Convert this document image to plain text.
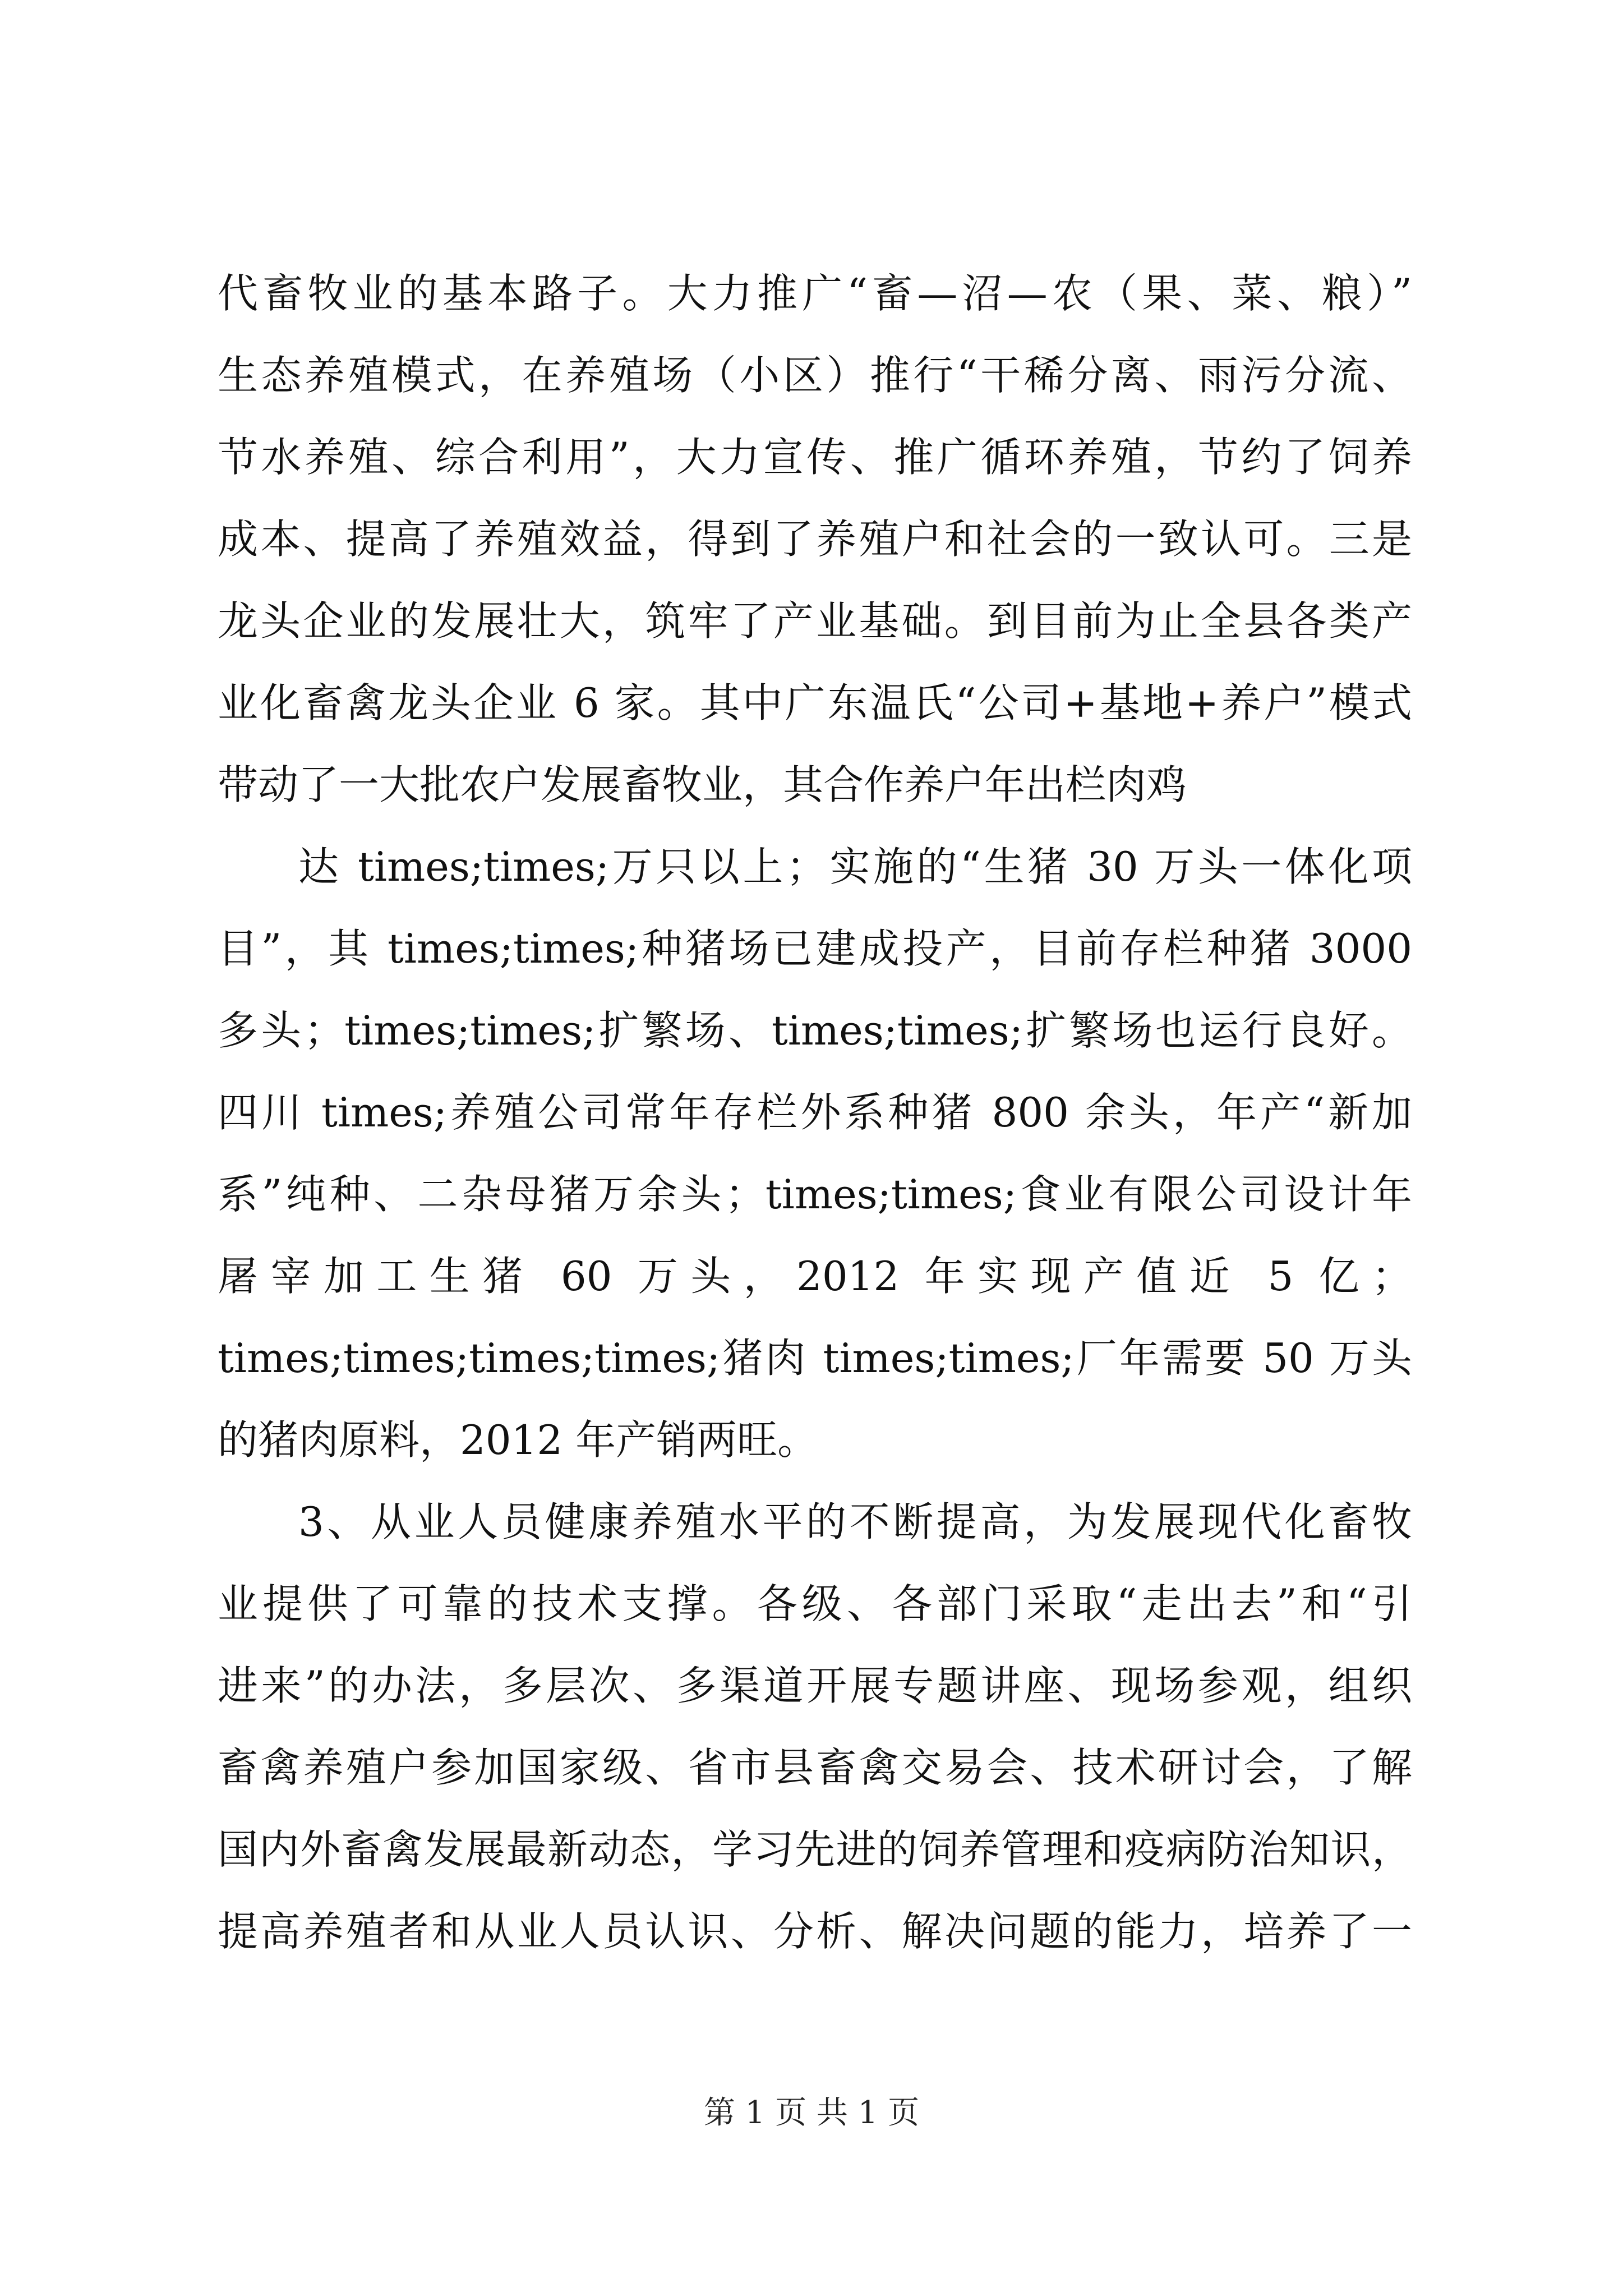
代畜牧业的基本路子。大力推广“畜—沼—农（果、菜、粮）”
生态养殖模式，在养殖场（小区）推行“干稀分离、雨污分流、
节水养殖、综合利用”，大力宣传、推广循环养殖，节约了饲养
成本、提高了养殖效益，得到了养殖户和社会的一致认可。三是
龙头企业的发展壮大，筑牢了产业基础。到目前为止全县各类产
业化畜禽龙头企业 6 家。其中广东温氏“公司+基地+养户”模式
带动了一大批农户发展畜牧业，其合作养户年出栏肉鸡
达 times;times;万只以上；实施的“生猪 30 万头一体化项
目”，其 times;times;种猪场已建成投产，目前存栏种猪 3000
多头；times;times;扩繁场、times;times;扩繁场也运行良好。
四川 times;养殖公司常年存栏外系种猪 800 余头，年产“新加
系”纯种、二杂母猪万余头；times;times;食业有限公司设计年
屠宰加工生猪 60 万头，2012 年实现产值近 5 亿；
times;times;times;times;猪肉 times;times;厂年需要 50 万头
的猪肉原料，2012 年产销两旺。
3、从业人员健康养殖水平的不断提高，为发展现代化畜牧
业提供了可靠的技术支撑。各级、各部门采取“走出去”和“引
进来”的办法，多层次、多渠道开展专题讲座、现场参观，组织
畜禽养殖户参加国家级、省市县畜禽交易会、技术研讨会，了解
国内外畜禽发展最新动态，学习先进的饲养管理和疫病防治知识，
提高养殖者和从业人员认识、分析、解决问题的能力，培养了一
第 1 页 共 1 页
